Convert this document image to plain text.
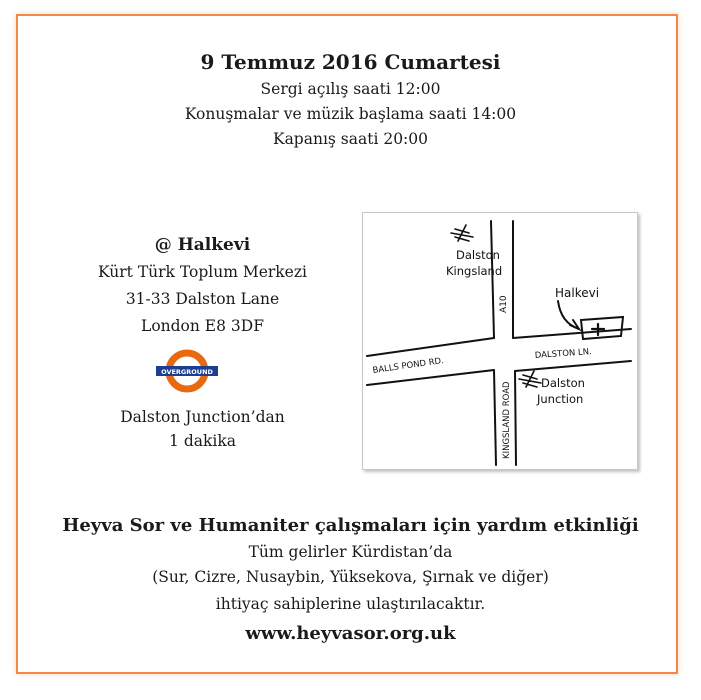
9 Temmuz 2016 Cumartesi
Sergi açılış saati 12:00
Konuşmalar ve müzik başlama saati 14:00
Kapanış saati 20:00
@ Halkevi
Kürt Türk Toplum Merkezi
31-33 Dalston Lane
London E8 3DF
OVERGROUND
Dalston Junction’dan
1 dakika
Dalston
Kingsland
Dalston
Junction
Halkevi
A10
BALLS POND RD.
DALSTON LN.
KINGSLAND ROAD
Heyva Sor ve Humaniter çalışmaları için yardım etkinliği
Tüm gelirler Kürdistan’da
(Sur, Cizre, Nusaybin, Yüksekova, Şırnak ve diğer)
ihtiyaç sahiplerine ulaştırılacaktır.
www.heyvasor.org.uk
